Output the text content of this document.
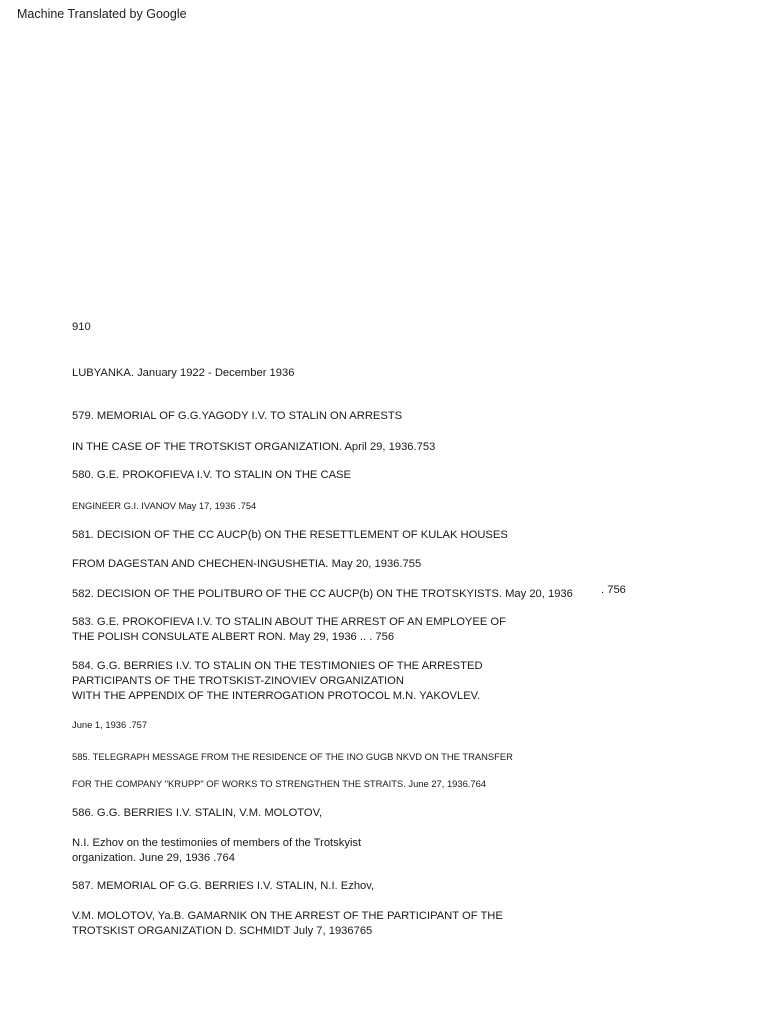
Machine Translated by Google
910
LUBYANKA. January 1922 - December 1936
579. MEMORIAL OF G.G.YAGODY I.V. TO STALIN ON ARRESTS
IN THE CASE OF THE TROTSKIST ORGANIZATION. April 29, 1936.753
580. G.E. PROKOFIEVA I.V. TO STALIN ON THE CASE
ENGINEER G.I. IVANOV May 17, 1936 .754
581. DECISION OF THE CC AUCP(b) ON THE RESETTLEMENT OF KULAK HOUSES
FROM DAGESTAN AND CHECHEN-INGUSHETIA. May 20, 1936.755
582. DECISION OF THE POLITBURO OF THE CC AUCP(b) ON THE TROTSKYISTS. May 20, 1936	. 756
583. G.E. PROKOFIEVA I.V. TO STALIN ABOUT THE ARREST OF AN EMPLOYEE OF
THE POLISH CONSULATE ALBERT RON. May 29, 1936 .. . 756
584. G.G. BERRIES I.V. TO STALIN ON THE TESTIMONIES OF THE ARRESTED
PARTICIPANTS OF THE TROTSKIST-ZINOVIEV ORGANIZATION
WITH THE APPENDIX OF THE INTERROGATION PROTOCOL M.N. YAKOVLEV.
June 1, 1936 .757
585. TELEGRAPH MESSAGE FROM THE RESIDENCE OF THE INO GUGB NKVD ON THE TRANSFER
FOR THE COMPANY "KRUPP" OF WORKS TO STRENGTHEN THE STRAITS. June 27, 1936.764
586. G.G. BERRIES I.V. STALIN, V.M. MOLOTOV,
N.I. Ezhov on the testimonies of members of the Trotskyist
organization. June 29, 1936 .764
587. MEMORIAL OF G.G. BERRIES I.V. STALIN, N.I. Ezhov,
V.M. MOLOTOV, Ya.B. GAMARNIK ON THE ARREST OF THE PARTICIPANT OF THE
TROTSKIST ORGANIZATION D. SCHMIDT July 7, 1936765
